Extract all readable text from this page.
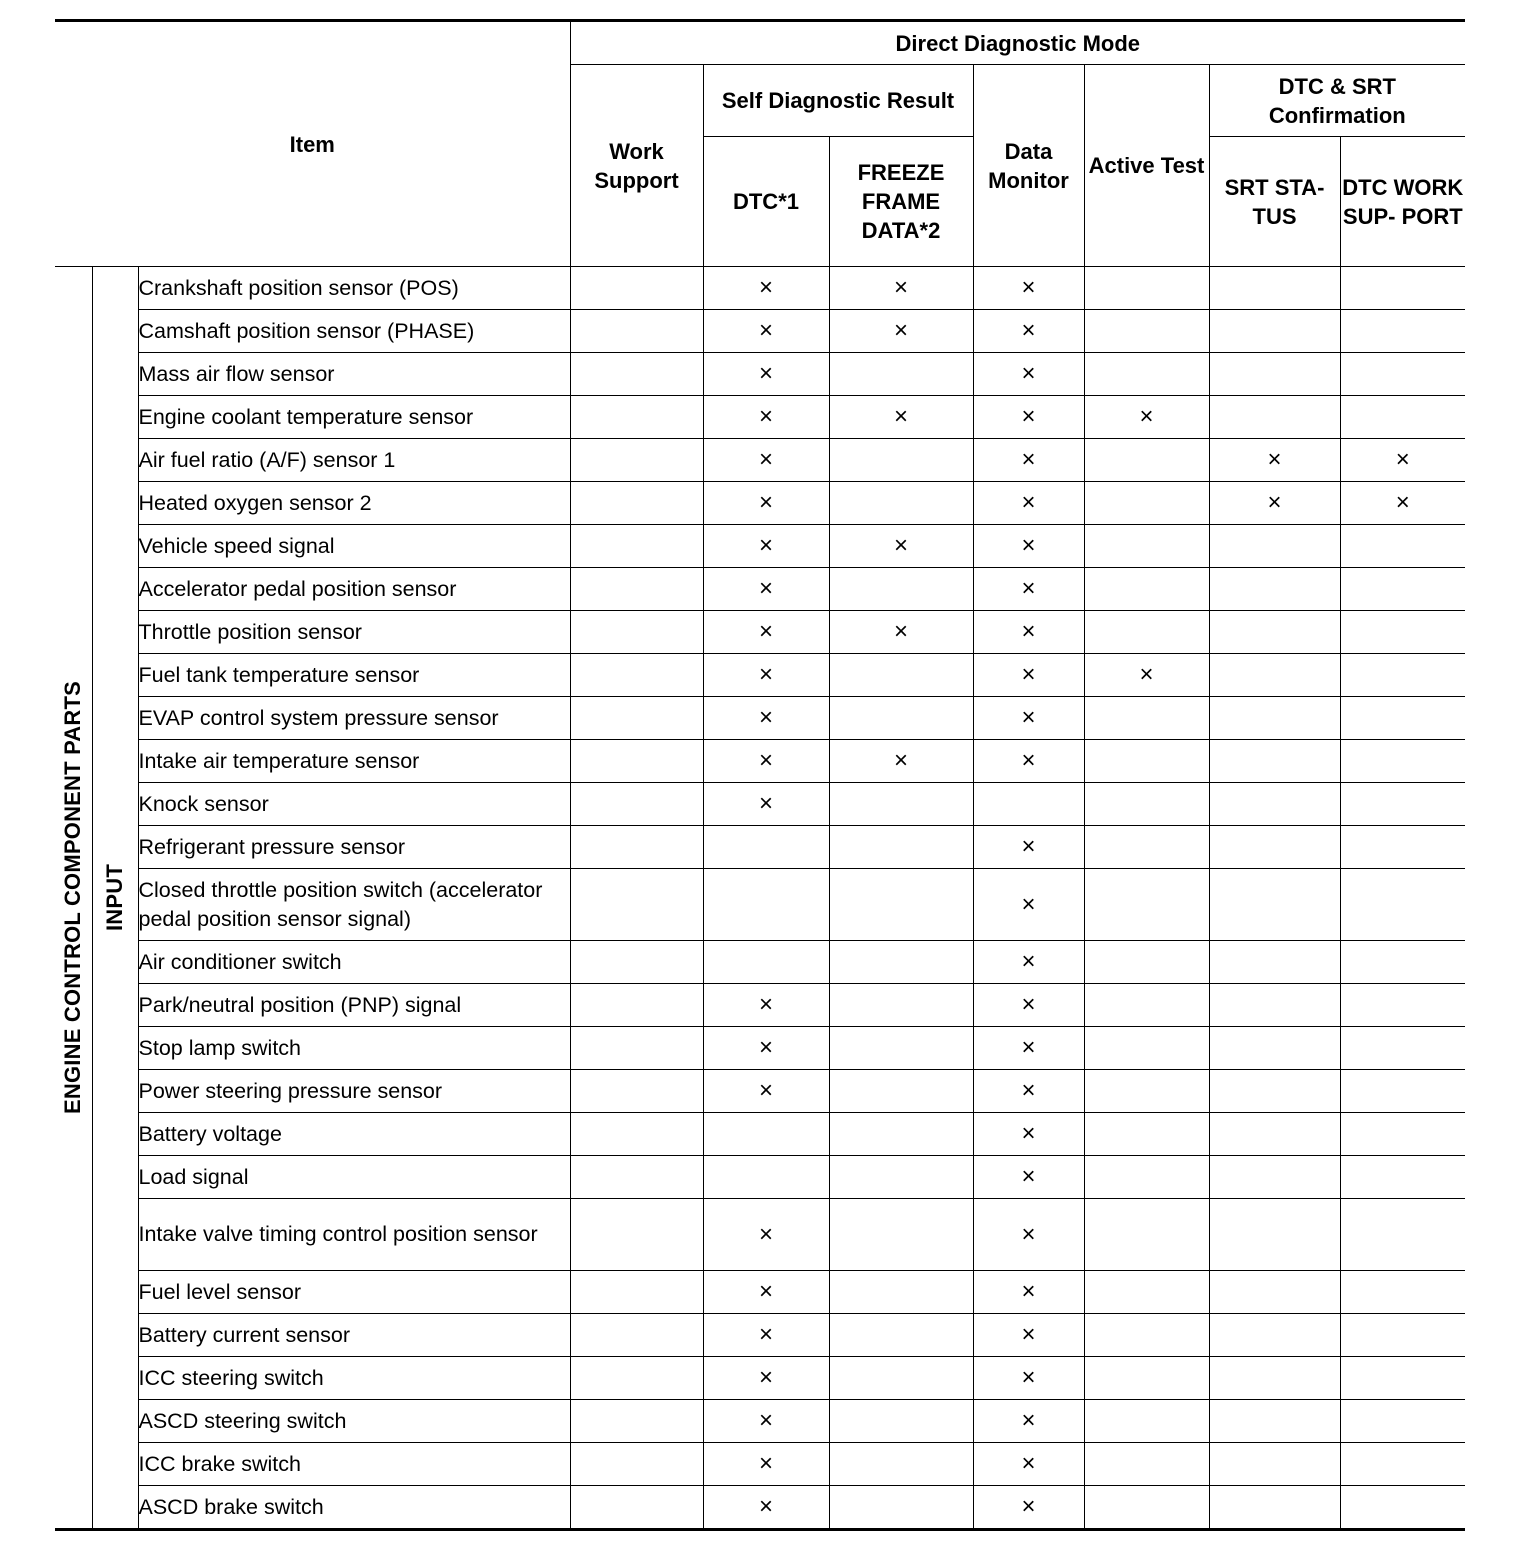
Item			Direct Diagnostic Mode						
			Work Support	Self Diagnostic Result		Data Monitor	Active Test	DTC & SRT Confirmation	
				DTC*1	FREEZE FRAME DATA*2			SRT STA- TUS	DTC WORK SUP- PORT

ENGINE CONTROL COMPONENT PARTS	INPUT	Crankshaft position sensor (POS)		×	×	×			
		Camshaft position sensor (PHASE)		×	×	×			
		Mass air flow sensor		×		×			
		Engine coolant temperature sensor		×	×	×	×		
		Air fuel ratio (A/F) sensor 1		×		×		×	×
		Heated oxygen sensor 2		×		×		×	×
		Vehicle speed signal		×	×	×			
		Accelerator pedal position sensor		×		×			
		Throttle position sensor		×	×	×			
		Fuel tank temperature sensor		×		×	×		
		EVAP control system pressure sensor		×		×			
		Intake air temperature sensor		×	×	×			
		Knock sensor		×					
		Refrigerant pressure sensor				×			
		Closed throttle position switch (accelerator pedal position sensor signal)				×			
		Air conditioner switch				×			
		Park/neutral position (PNP) signal		×		×			
		Stop lamp switch		×		×			
		Power steering pressure sensor		×		×			
		Battery voltage				×			
		Load signal				×			
		Intake valve timing control position sensor		×		×			
		Fuel level sensor		×		×			
		Battery current sensor		×		×			
		ICC steering switch		×		×			
		ASCD steering switch		×		×			
		ICC brake switch		×		×			
		ASCD brake switch		×		×			
